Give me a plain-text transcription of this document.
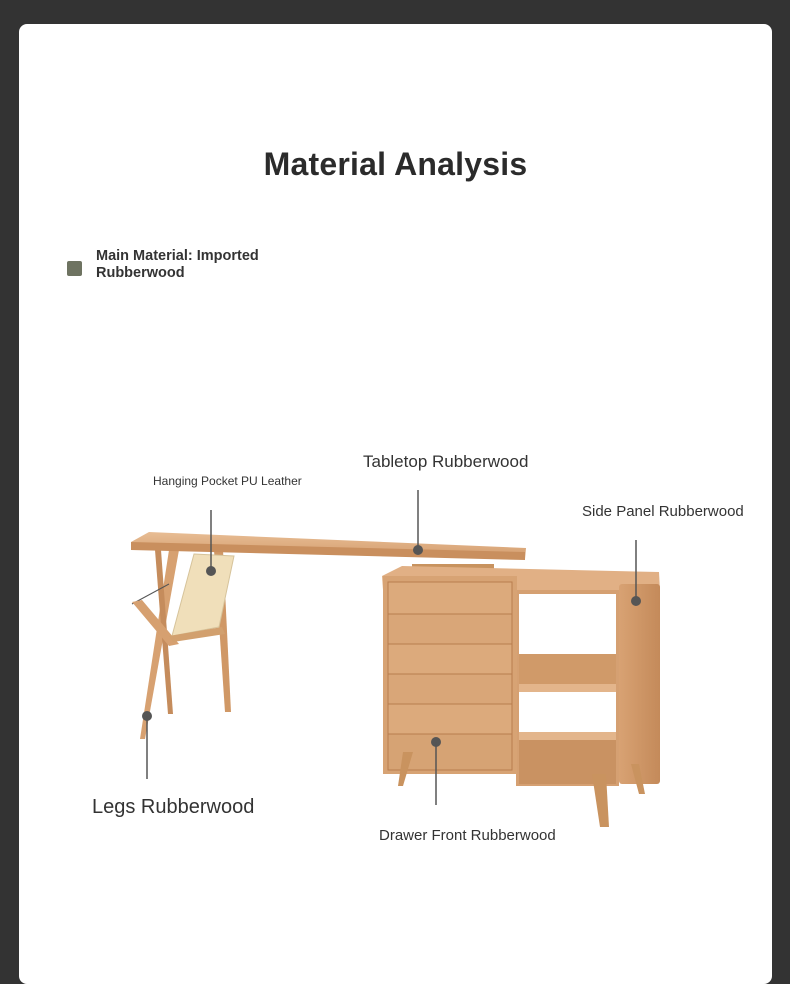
Material Analysis
Main Material: Imported Rubberwood
Hanging Pocket PU Leather
Tabletop Rubberwood
Side Panel Rubberwood
Legs Rubberwood
Drawer Front Rubberwood
